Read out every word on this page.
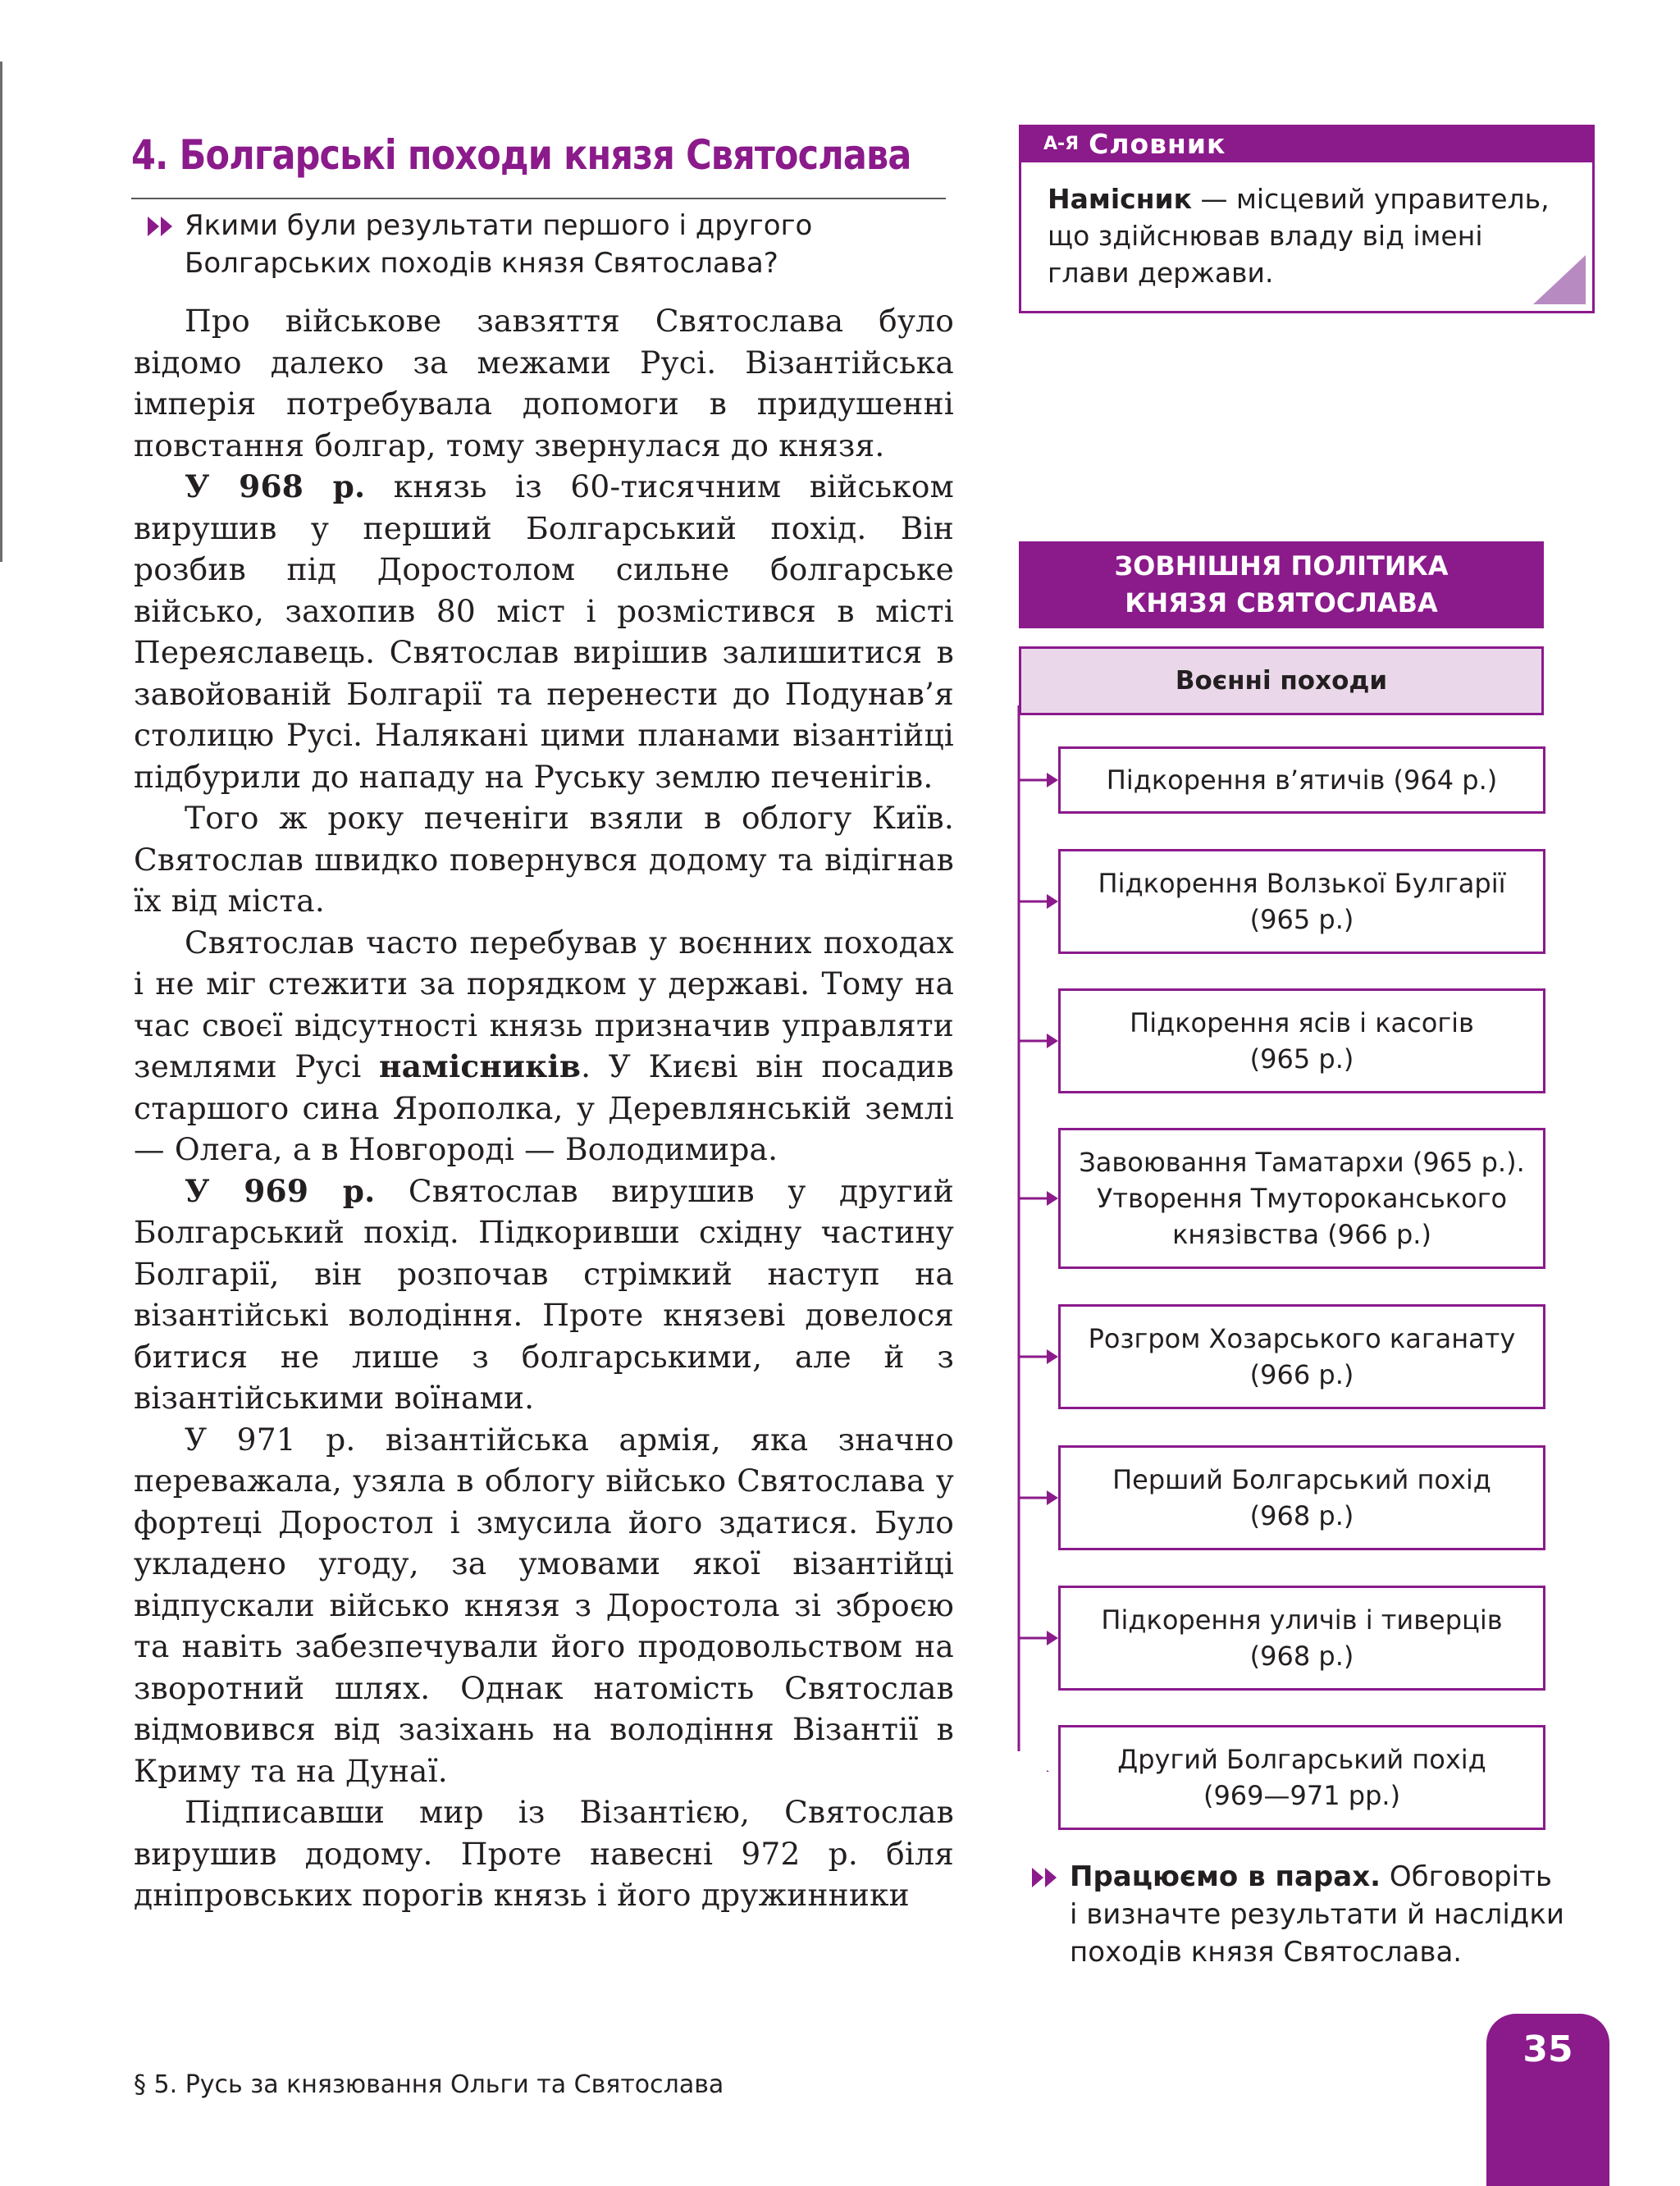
4. Болгарські походи князя Святослава

Якими були результати першого і другого

Болгарських походів князя Святослава?

Про військове завзяття Святослава було відомо далеко за межами Русі. Візантійська імперія потребувала допомоги в придушенні повстання болгар, тому звернулася до князя.

У 968 р. князь із 60-тисячним військом вирушив у перший Болгарський похід. Він розбив під Доростолом сильне болгарське військо, захопив 80 міст і розмістився в місті Переяславець. Святослав вирішив залишитися в завойованій Болгарії та перенести до Подунав’я столицю Русі. Налякані цими планами візантійці підбурили до нападу на Руську землю печенігів.

Того ж року печеніги взяли в облогу Київ. Святослав швидко повернувся додому та відігнав їх від міста.

Святослав часто перебував у воєнних походах і не міг стежити за порядком у державі. Тому на час своєї відсутності князь призначив управляти землями Русі намісників. У Києві він посадив старшого сина Ярополка, у Деревлянській землі — Олега, а в Новгороді — Володимира.

У 969 р. Святослав вирушив у другий Болгарський похід. Підкоривши східну частину Болгарії, він розпочав стрімкий наступ на візантійські володіння. Проте князеві довелося битися не лише з болгарськими, але й з візантійськими воїнами.

У 971 р. візантійська армія, яка значно переважала, узяла в облогу військо Святослава у фортеці Доростол і змусила його здатися. Було укладено угоду, за умовами якої візантійці відпускали військо князя з Доростола зі зброєю та навіть забезпечували його продовольством на зворотний шлях. Однак натомість Святослав відмовився від зазіхань на володіння Візантії в Криму та на Дунаї.

Підписавши мир із Візантією, Святослав вирушив додому. Проте навесні 972 р. біля дніпровських порогів князь і його дружинники

А-Я Словник
Намісник — місцевий управитель, що здійснював владу від імені глави держави.
ЗОВНІШНЯ ПОЛІТИКА
КНЯЗЯ СВЯТОСЛАВА
Воєнні походи
Підкорення в’ятичів (964 р.)
Підкорення Волзької Булгарії
(965 р.)
Підкорення ясів і касогів
(965 р.)
Завоювання Таматархи (965 р.).
Утворення Тмутороканського
князівства (966 р.)
Розгром Хозарського каганату
(966 р.)
Перший Болгарський похід
(968 р.)
Підкорення уличів і тиверців
(968 р.)
Другий Болгарський похід
(969—971 рр.)

Працюємо в парах. Обговоріть і визначте результати й наслідки походів князя Святослава.

§ 5. Русь за князювання Ольги та Святослава
35
